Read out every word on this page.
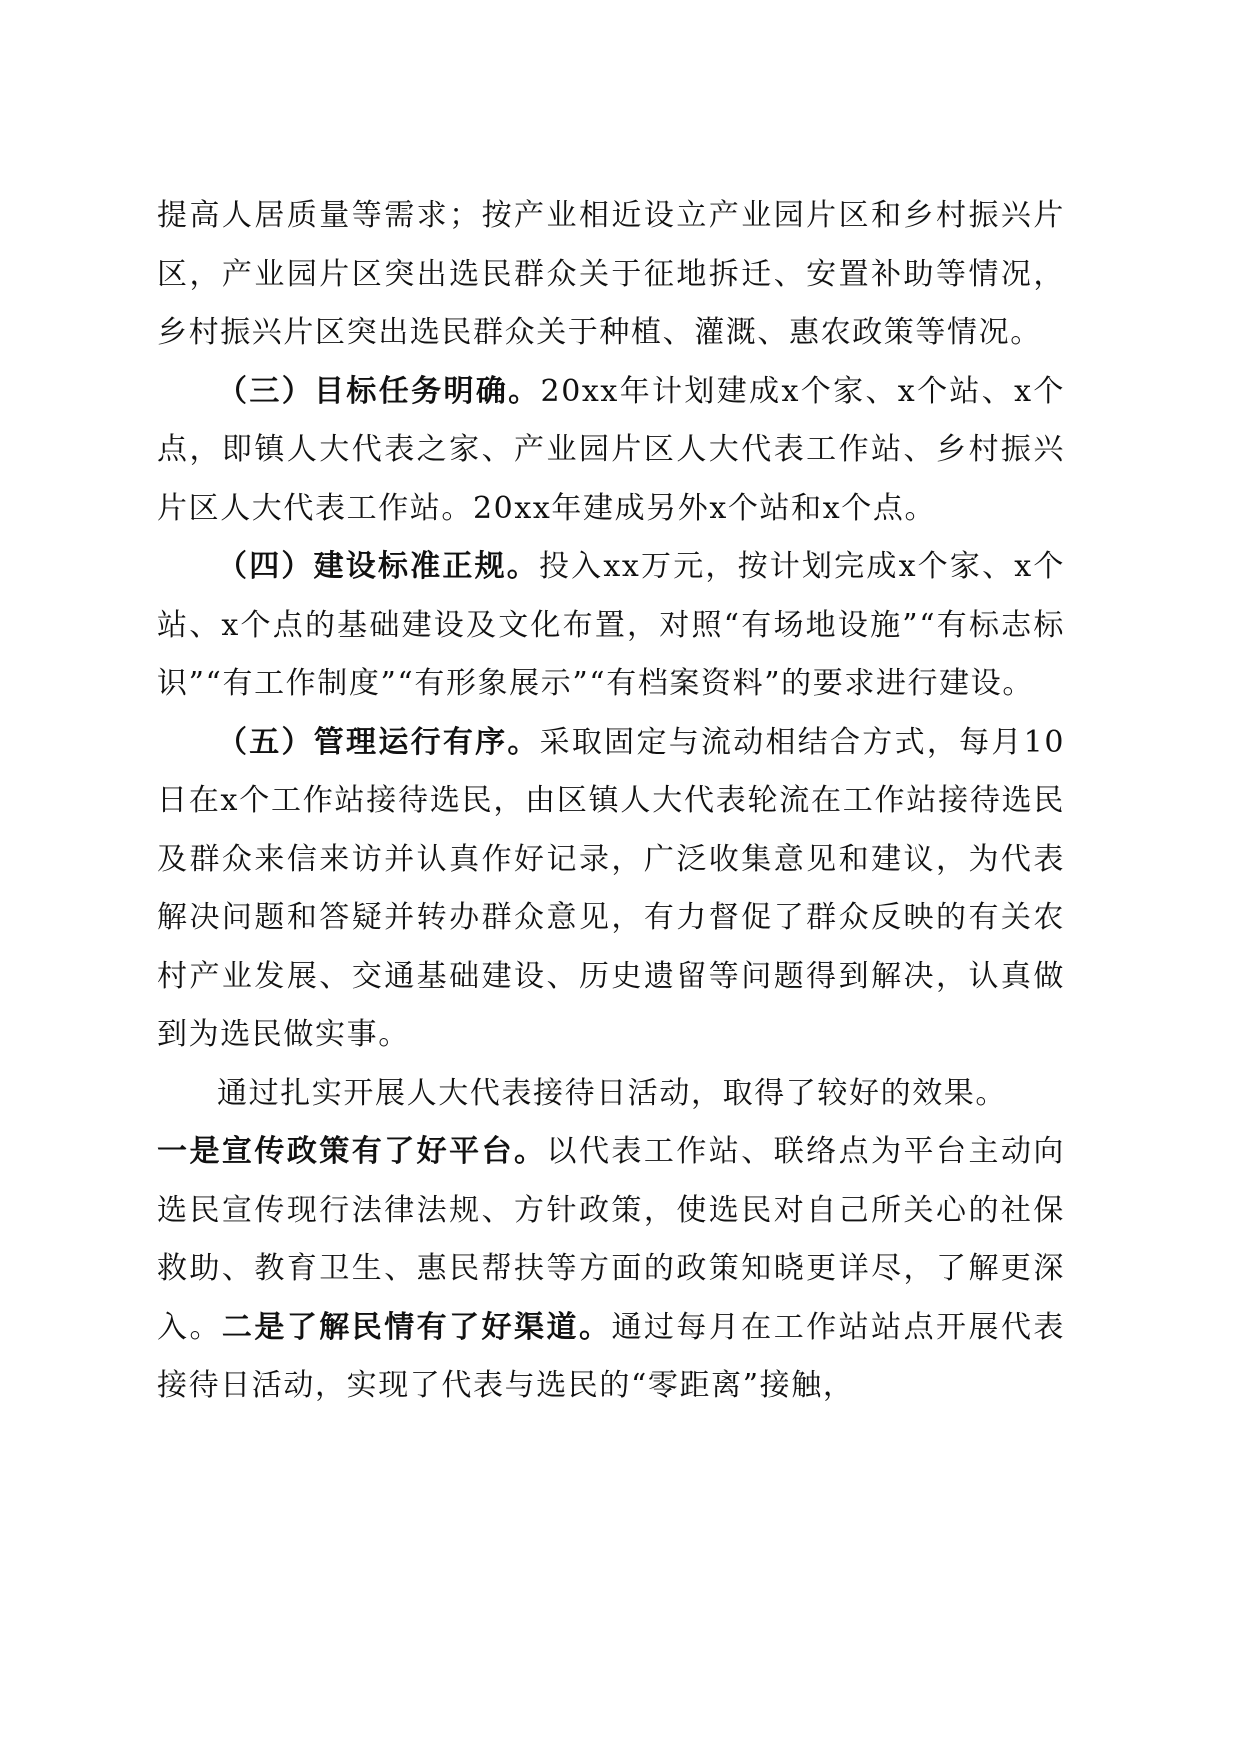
提高人居质量等需求；按产业相近设立产业园片区和乡村振兴片区，产业园片区突出选民群众关于征地拆迁、安置补助等情况，乡村振兴片区突出选民群众关于种植、灌溉、惠农政策等情况。

（三）目标任务明确。20xx年计划建成x个家、x个站、x个点，即镇人大代表之家、产业园片区人大代表工作站、乡村振兴片区人大代表工作站。20xx年建成另外x个站和x个点。

（四）建设标准正规。投入xx万元，按计划完成x个家、x个站、x个点的基础建设及文化布置，对照“有场地设施”“有标志标识”“有工作制度”“有形象展示”“有档案资料”的要求进行建设。

（五）管理运行有序。采取固定与流动相结合方式，每月10日在x个工作站接待选民，由区镇人大代表轮流在工作站接待选民及群众来信来访并认真作好记录，广泛收集意见和建议，为代表解决问题和答疑并转办群众意见，有力督促了群众反映的有关农村产业发展、交通基础建设、历史遗留等问题得到解决，认真做到为选民做实事。

通过扎实开展人大代表接待日活动，取得了较好的效果。

一是宣传政策有了好平台。以代表工作站、联络点为平台主动向选民宣传现行法律法规、方针政策，使选民对自己所关心的社保救助、教育卫生、惠民帮扶等方面的政策知晓更详尽，了解更深入。二是了解民情有了好渠道。通过每月在工作站站点开展代表接待日活动，实现了代表与选民的“零距离”接触，
